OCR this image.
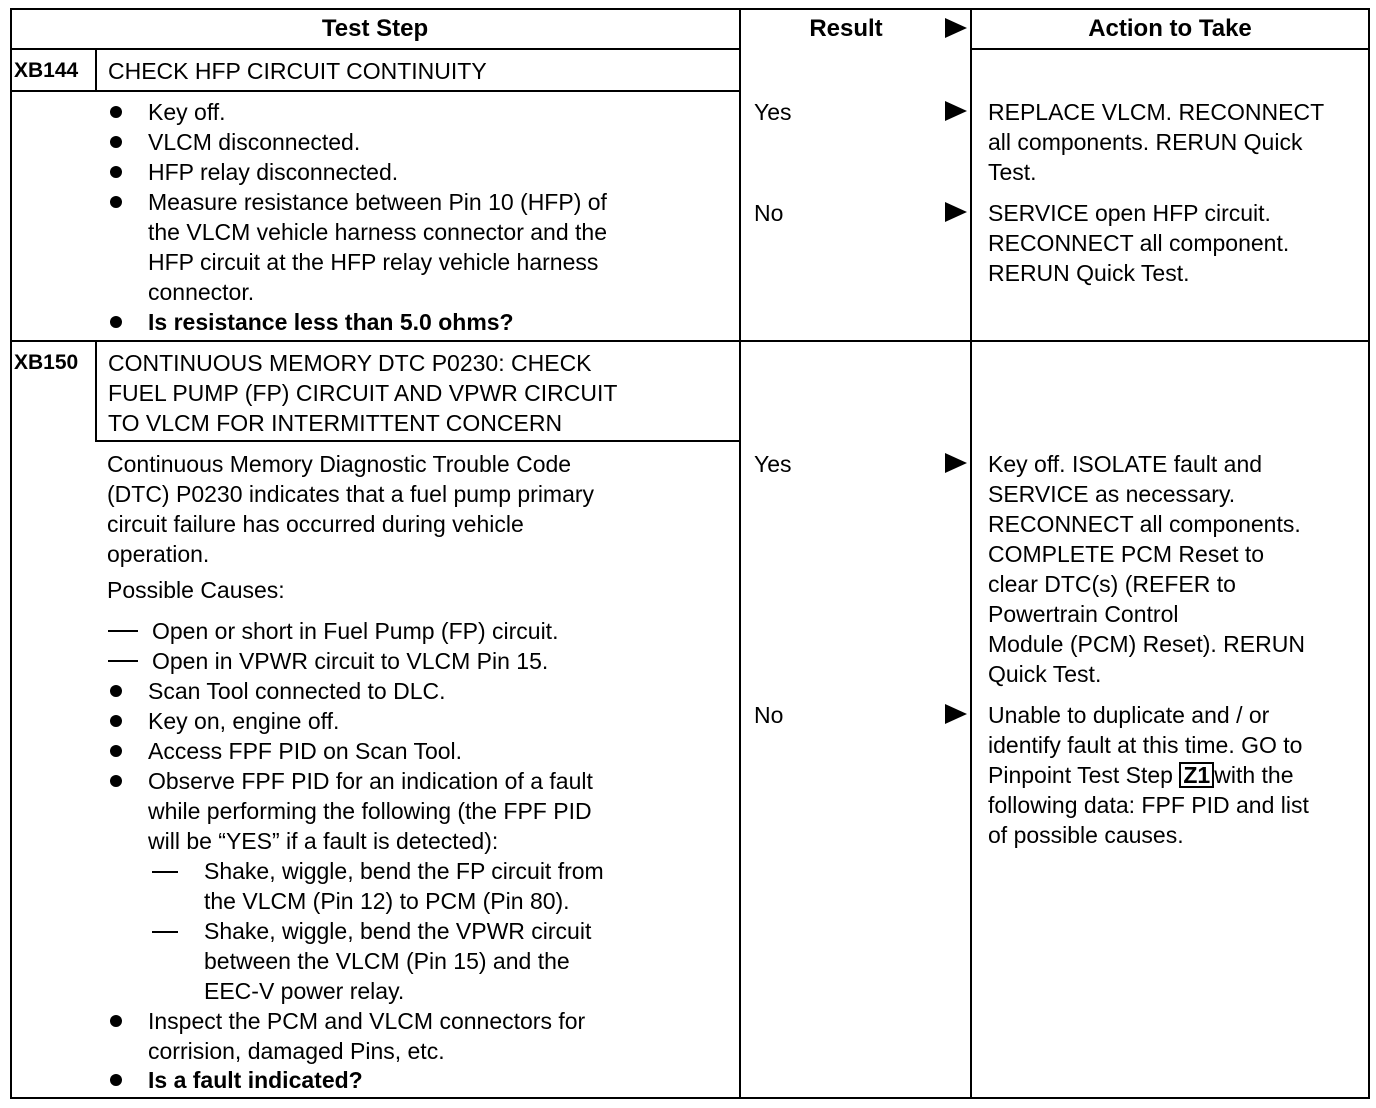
Test Step	Result	Action to Take
XB144 CHECK HFP CIRCUIT CONTINUITY
Key off.
VLCM disconnected.
HFP relay disconnected.
Measure resistance between Pin 10 (HFP) of
the VLCM vehicle harness connector and the
HFP circuit at the HFP relay vehicle harness
connector.
Is resistance less than 5.0 ohms?
Yes	REPLACE VLCM. RECONNECT
all components. RERUN Quick
Test.
No	SERVICE open HFP circuit.
RECONNECT all component.
RERUN Quick Test.
XB150 CONTINUOUS MEMORY DTC P0230: CHECK
FUEL PUMP (FP) CIRCUIT AND VPWR CIRCUIT
TO VLCM FOR INTERMITTENT CONCERN
Continuous Memory Diagnostic Trouble Code
(DTC) P0230 indicates that a fuel pump primary
circuit failure has occurred during vehicle
operation.
Possible Causes:
Open or short in Fuel Pump (FP) circuit.
Open in VPWR circuit to VLCM Pin 15.
Scan Tool connected to DLC.
Key on, engine off.
Access FPF PID on Scan Tool.
Observe FPF PID for an indication of a fault
while performing the following (the FPF PID
will be “YES” if a fault is detected):
Shake, wiggle, bend the FP circuit from
the VLCM (Pin 12) to PCM (Pin 80).
Shake, wiggle, bend the VPWR circuit
between the VLCM (Pin 15) and the
EEC-V power relay.
Inspect the PCM and VLCM connectors for
corrision, damaged Pins, etc.
Is a fault indicated?
Yes	Key off. ISOLATE fault and
SERVICE as necessary.
RECONNECT all components.
COMPLETE PCM Reset to
clear DTC(s) (REFER to
Powertrain Control
Module (PCM) Reset). RERUN
Quick Test.
No	Unable to duplicate and / or
identify fault at this time. GO to
Pinpoint Test Step Z1 with the
following data: FPF PID and list
of possible causes.
